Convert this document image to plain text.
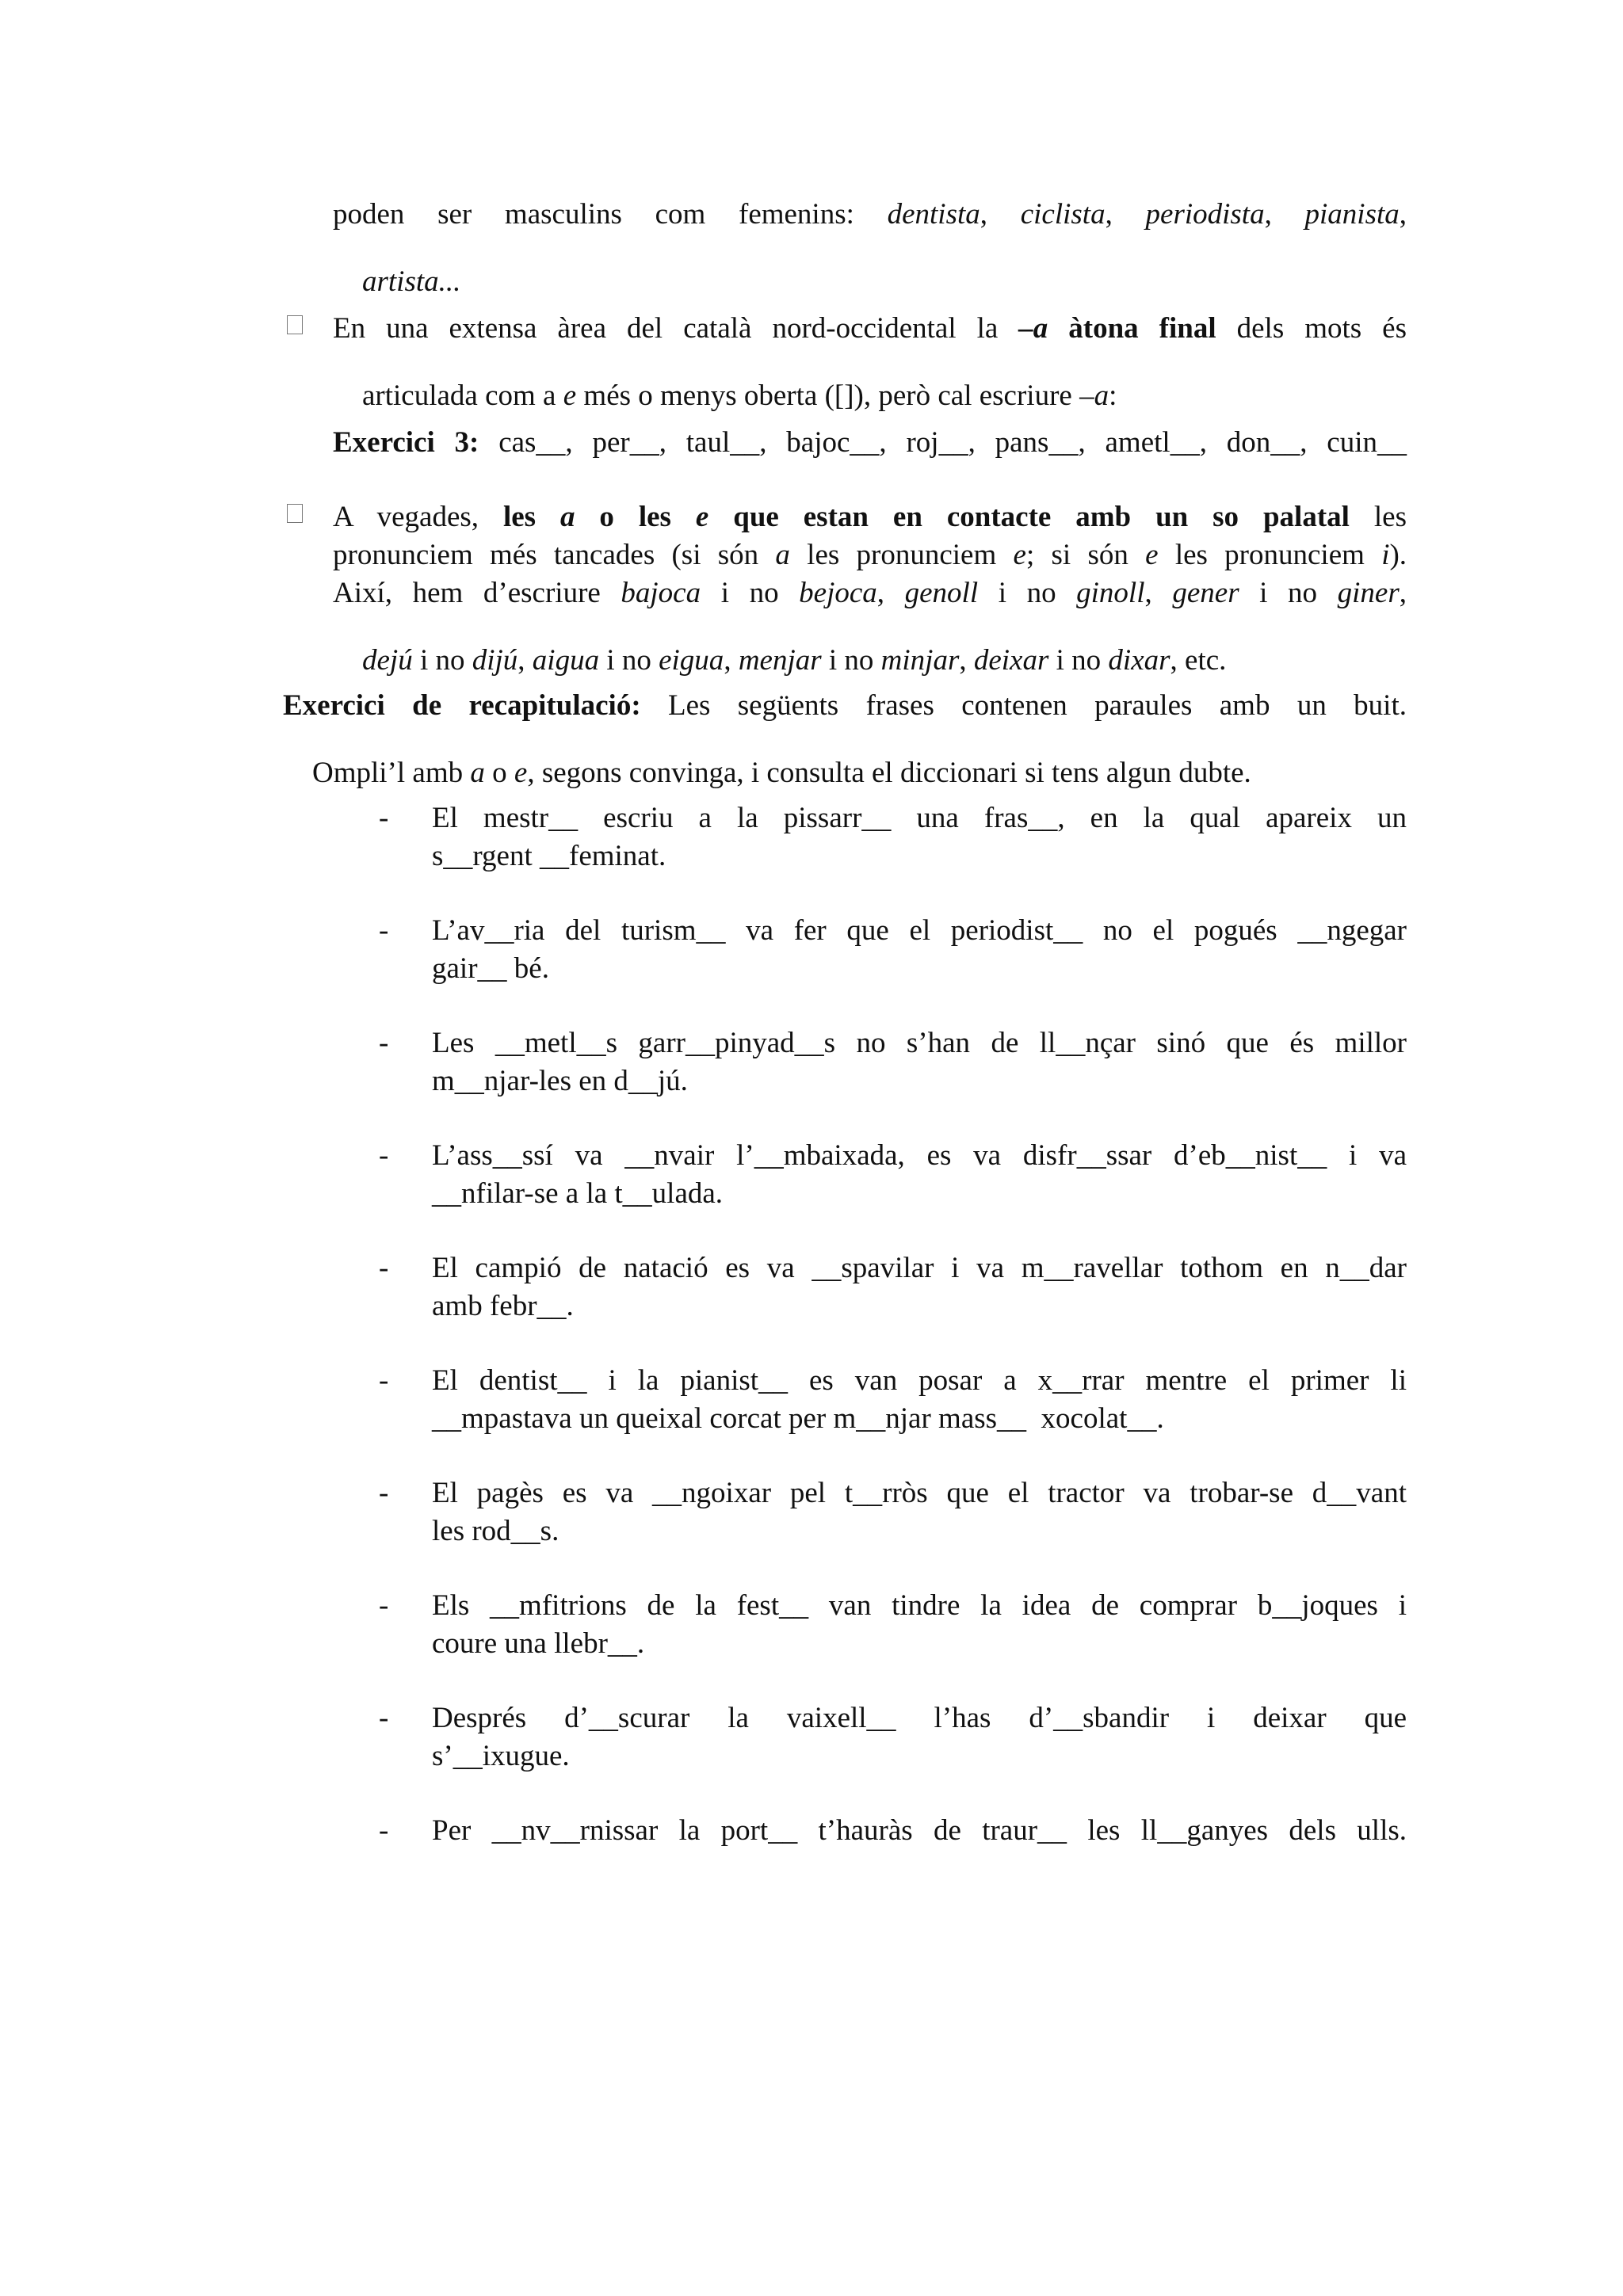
poden ser masculins com femenins: dentista, ciclista, periodista, pianista,

artista...

En una extensa àrea del català nord-occidental la –a àtona final dels mots és

articulada com a e més o menys oberta ([]), però cal escriure –a:

Exercici 3: cas__, per__, taul__, bajoc__, roj__, pans__, ametl__, don__, cuin__
A vegades, les a o les e que estan en contacte amb un so palatal les
pronunciem més tancades (si són a les pronunciem e; si són e les pronunciem i).
Així, hem d’escriure bajoca i no bejoca, genoll i no ginoll, gener i no giner,

dejú i no dijú, aigua i no eigua, menjar i no minjar, deixar i no dixar, etc.

Exercici de recapitulació: Les següents frases contenen paraules amb un buit.

Ompli’l amb a o e, segons convinga, i consulta el diccionari si tens algun dubte.

- El mestr__ escriu a la pissarr__ una fras__, en la qual apareix un
s__rgent __feminat.
- L’av__ria del turism__ va fer que el periodist__ no el pogués __ngegar
gair__ bé.
- Les __metl__s garr__pinyad__s no s’han de ll__nçar sinó que és millor
m__njar-les en d__jú.
- L’ass__ssí va __nvair l’__mbaixada, es va disfr__ssar d’eb__nist__ i va
__nfilar-se a la t__ulada.
- El campió de natació es va __spavilar i va m__ravellar tothom en n__dar
amb febr__.
- El dentist__ i la pianist__ es van posar a x__rrar mentre el primer li
__mpastava un queixal corcat per m__njar mass__  xocolat__.
- El pagès es va __ngoixar pel t__rròs que el tractor va trobar-se d__vant
les rod__s.
- Els __mfitrions de la fest__ van tindre la idea de comprar b__joques i
coure una llebr__.
- Després d’__scurar la vaixell__ l’has d’__sbandir i deixar que
s’__ixugue.
- Per __nv__rnissar la port__ t’hauràs de traur__ les ll__ganyes dels ulls.
